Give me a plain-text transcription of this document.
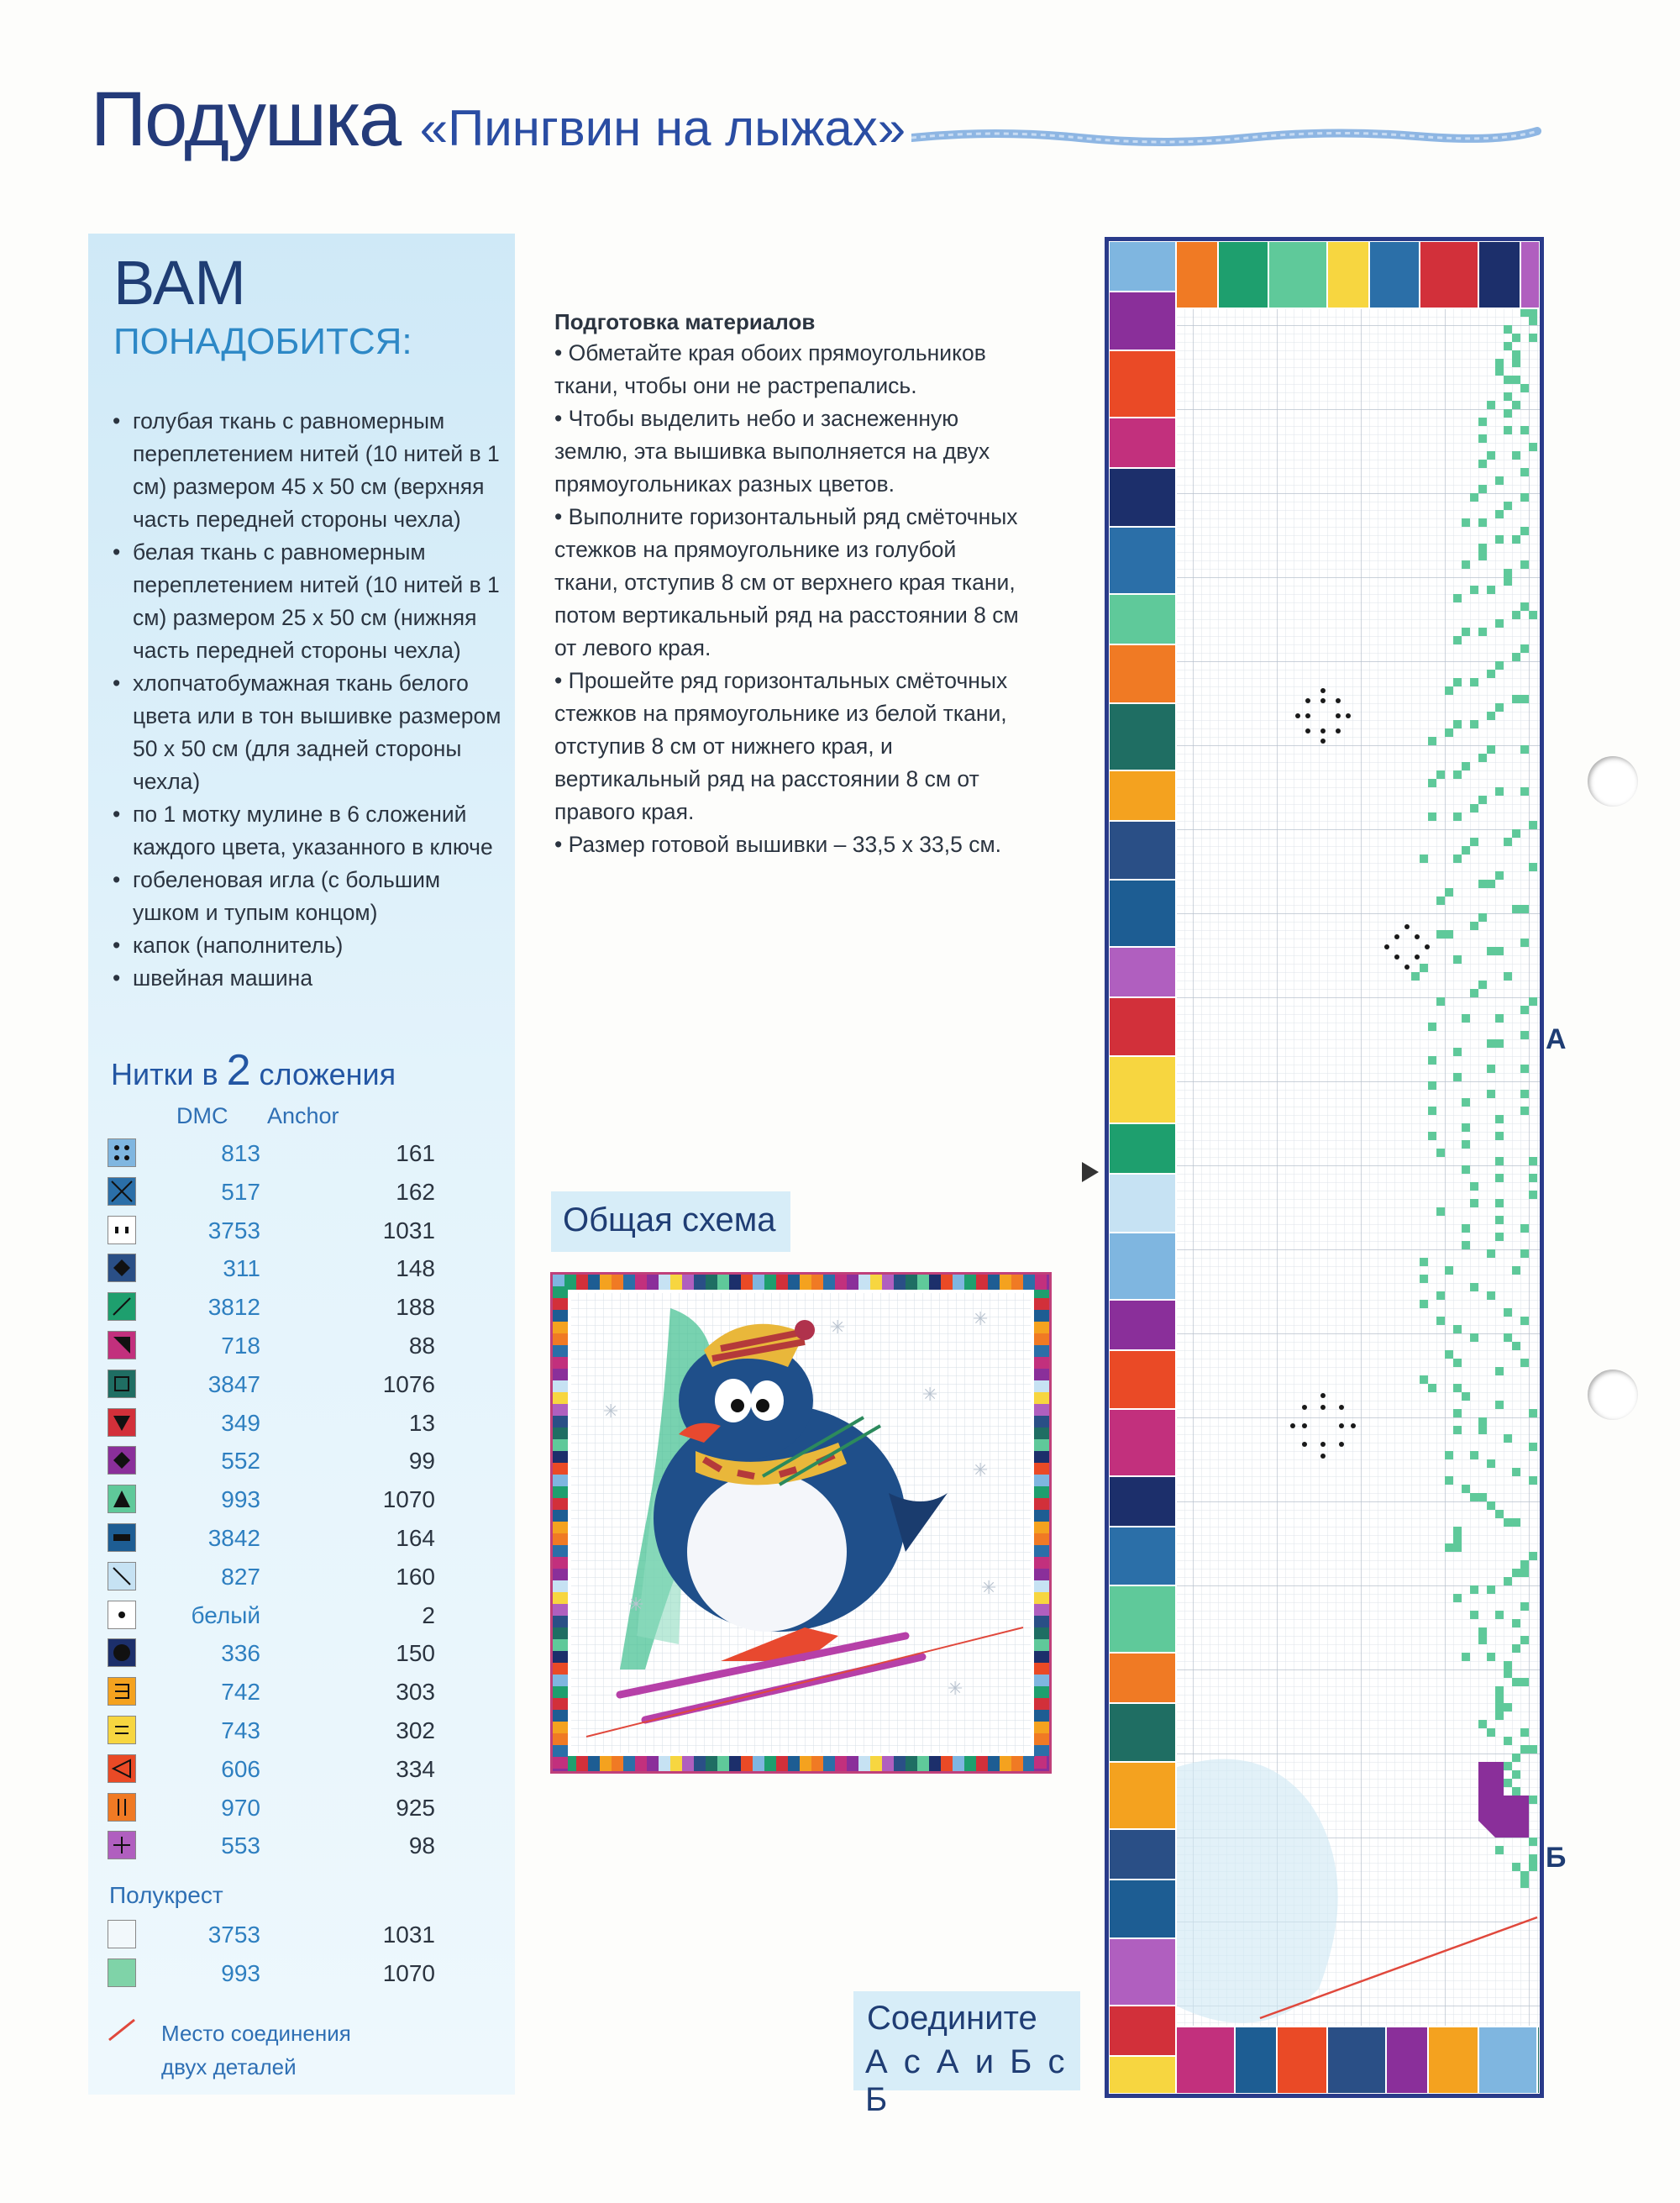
Подушка «Пингвин на лыжах»
ВАМ
ПОНАДОБИТСЯ:
• голубая ткань с равномерным переплетением нитей (10 нитей в 1 см) размером 45 х 50 см (верхняя часть передней стороны чехла)
• белая ткань с равномерным переплетением нитей (10 нитей в 1 см) размером 25 х 50 см (нижняя часть передней стороны чехла)
• хлопчатобумажная ткань белого цвета или в тон вышивке размером 50 х 50 см (для задней стороны чехла)
• по 1 мотку мулине в 6 сложений каждого цвета, указанного в ключе
• гобеленовая игла (с большим ушком и тупым концом)
• капок (наполнитель)
• швейная машина
Нитки в 2 сложения
DMC Anchor
813	161
517	162
3753	1031
311	148
3812	188
718	88
3847	1076
349	13
552	99
993	1070
3842	164
827	160
белый	2
336	150
742	303
743	302
606	334
970	925
553	98
Полукрест
3753	1031
993	1070
Место соединения
двух деталей
Подготовка материалов
• Обметайте края обоих прямоугольников ткани, чтобы они не растрепались.
• Чтобы выделить небо и заснеженную землю, эта вышивка выполняется на двух прямоугольниках разных цветов.
• Выполните горизонтальный ряд смёточных стежков на прямоугольнике из голубой ткани, отступив 8 см от верхнего края ткани, потом вертикальный ряд на расстоянии 8 см от левого края.
• Прошейте ряд горизонтальных смёточных стежков на прямоугольнике из белой ткани, отступив 8 см от нижнего края, и вертикальный ряд на расстоянии 8 см от правого края.
• Размер готовой вышивки – 33,5 х 33,5 см.
Общая схема
✳	✳
✳
✳
✳
✳
✳
✳
А
Б
Соедините
А с А и Б с Б
